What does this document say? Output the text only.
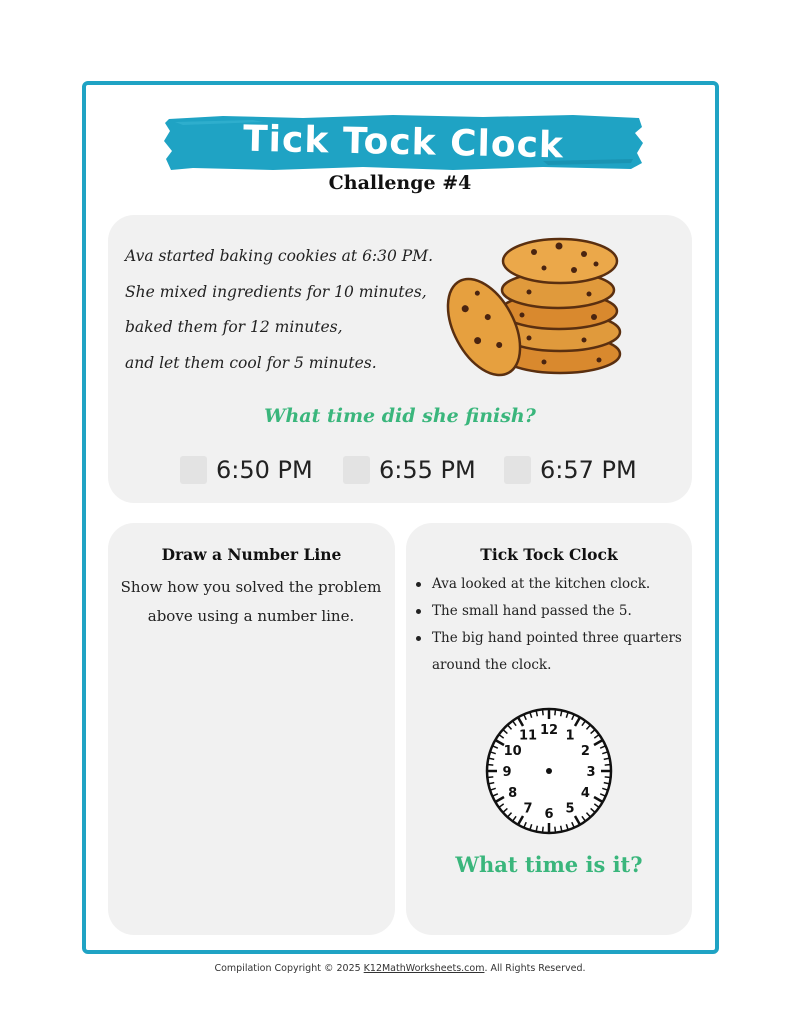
Tick Tock Clock
Challenge #4

Ava started baking cookies at 6:30 PM.

She mixed ingredients for 10 minutes,

baked them for 12 minutes,

and let them cool for 5 minutes.

What time did she finish?
6:50 PM	6:55 PM	6:57 PM
Draw a Number Line
Show how you solved the problem above using a number line.
Tick Tock Clock
Ava looked at the kitchen clock.
The small hand passed the 5.
The big hand pointed three quarters around the clock.
12 1
2
3
4
5
6
7
8
9
10
11
What time is it?
Compilation Copyright © 2025 K12MathWorksheets.com. All Rights Reserved.
